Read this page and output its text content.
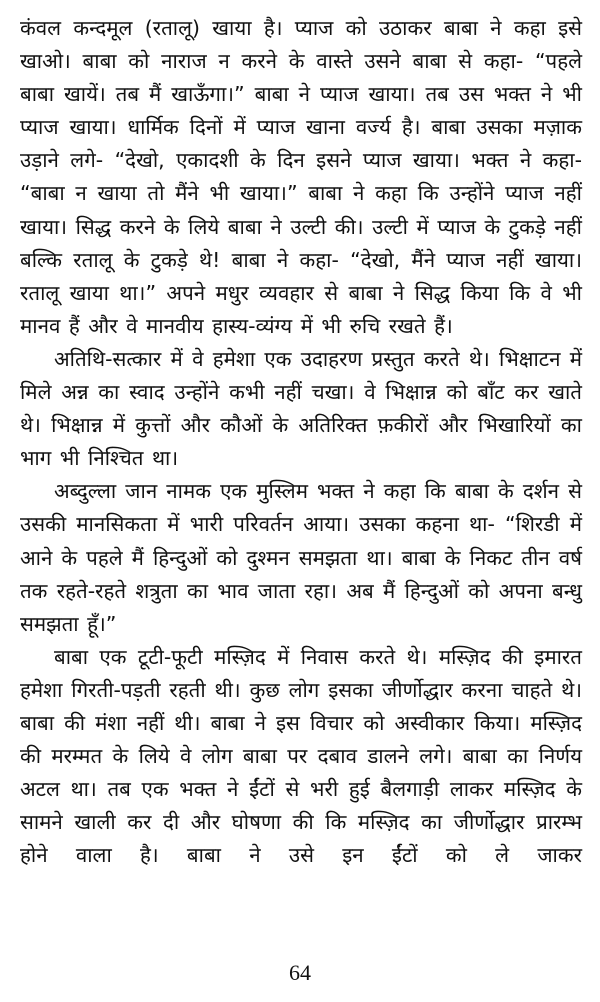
कंवल कन्दमूल (रतालू) खाया है। प्याज को उठाकर बाबा ने कहा इसे खाओ। बाबा को नाराज न करने के वास्ते उसने बाबा से कहा- “पहले बाबा खायें। तब मैं खाऊँगा।” बाबा ने प्याज खाया। तब उस भक्त ने भी प्याज खाया। धार्मिक दिनों में प्याज खाना वर्ज्य है। बाबा उसका मज़ाक उड़ाने लगे- “देखो, एकादशी के दिन इसने प्याज खाया। भक्त ने कहा- “बाबा न खाया तो मैंने भी खाया।” बाबा ने कहा कि उन्होंने प्याज नहीं खाया। सिद्ध करने के लिये बाबा ने उल्टी की। उल्टी में प्याज के टुकड़े नहीं बल्कि रतालू के टुकड़े थे! बाबा ने कहा- “देखो, मैंने प्याज नहीं खाया। रतालू खाया था।” अपने मधुर व्यवहार से बाबा ने सिद्ध किया कि वे भी मानव हैं और वे मानवीय हास्य-व्यंग्य में भी रुचि रखते हैं।

अतिथि-सत्कार में वे हमेशा एक उदाहरण प्रस्तुत करते थे। भिक्षाटन में मिले अन्न का स्वाद उन्होंने कभी नहीं चखा। वे भिक्षान्न को बाँट कर खाते थे। भिक्षान्न में कुत्तों और कौओं के अतिरिक्त फ़कीरों और भिखारियों का भाग भी निश्चित था।

अब्दुल्ला जान नामक एक मुस्लिम भक्त ने कहा कि बाबा के दर्शन से उसकी मानसिकता में भारी परिवर्तन आया। उसका कहना था- “शिरडी में आने के पहले मैं हिन्दुओं को दुश्मन समझता था। बाबा के निकट तीन वर्ष तक रहते-रहते शत्रुता का भाव जाता रहा। अब मैं हिन्दुओं को अपना बन्धु समझता हूँ।”

बाबा एक टूटी-फूटी मस्ज़िद में निवास करते थे। मस्ज़िद की इमारत हमेशा गिरती-पड़ती रहती थी। कुछ लोग इसका जीर्णोद्धार करना चाहते थे। बाबा की मंशा नहीं थी। बाबा ने इस विचार को अस्वीकार किया। मस्ज़िद की मरम्मत के लिये वे लोग बाबा पर दबाव डालने लगे। बाबा का निर्णय अटल था। तब एक भक्त ने ईंटों से भरी हुई बैलगाड़ी लाकर मस्ज़िद के सामने खाली कर दी और घोषणा की कि मस्ज़िद का जीर्णोद्धार प्रारम्भ होने वाला है। बाबा ने उसे इन ईंटों को ले जाकर

64
